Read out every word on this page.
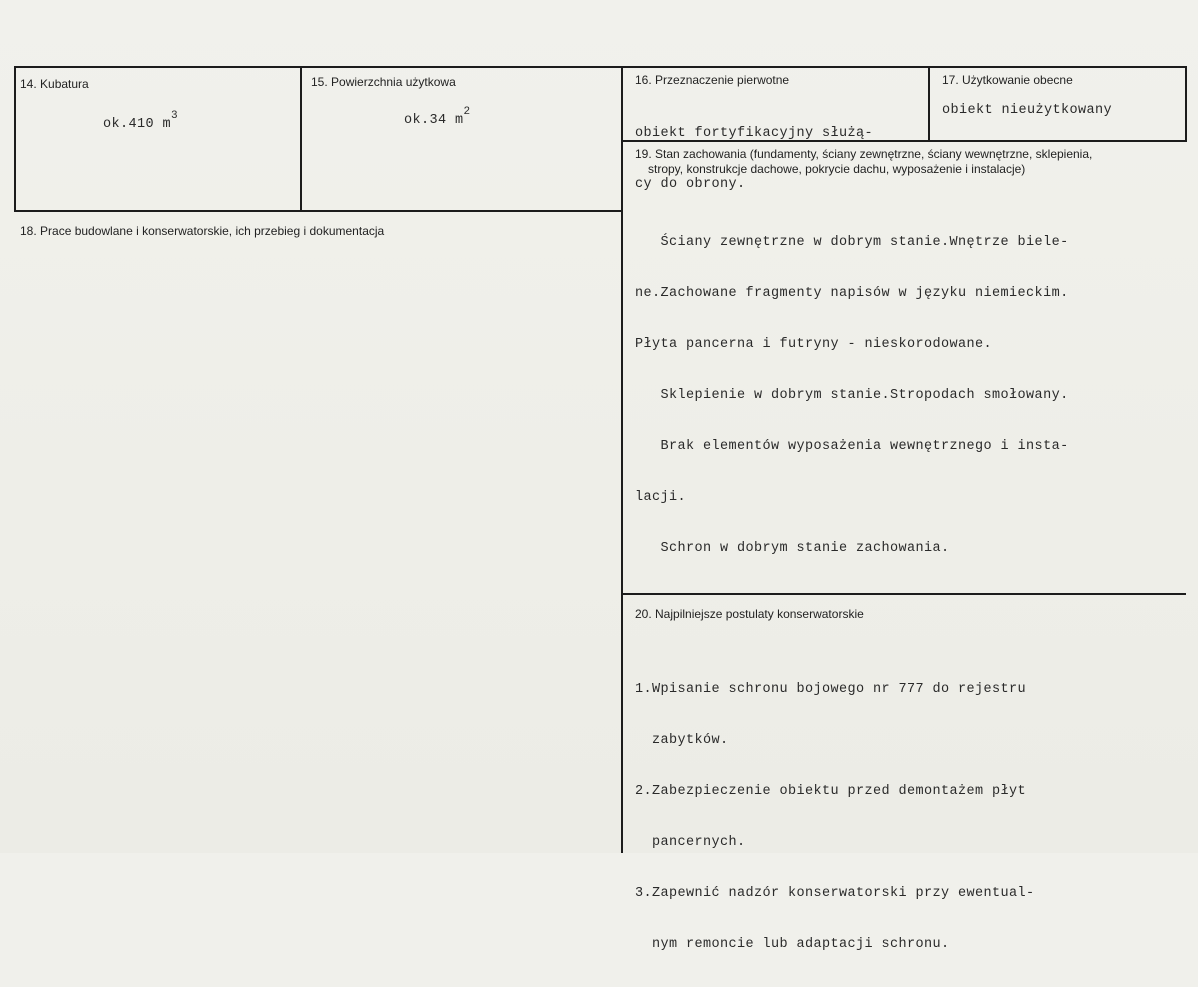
14. Kubatura
ok.410 $m^3$
15. Powierzchnia użytkowa
ok.34 $m^2$
16. Przeznaczenie pierwotne

obiekt fortyfikacyjny służą-

cy do obrony.

17. Użytkowanie obecne
obiekt nieużytkowany
18. Prace budowlane i konserwatorskie, ich przebieg i dokumentacja
19. Stan zachowania (fundamenty, ściany zewnętrzne, ściany wewnętrzne, sklepienia,
stropy, konstrukcje dachowe, pokrycie dachu, wyposażenie i instalacje)

Ściany zewnętrzne w dobrym stanie.Wnętrze biele-

ne.Zachowane fragmenty napisów w języku niemieckim.

Płyta pancerna i futryny - nieskorodowane.

Sklepienie w dobrym stanie.Stropodach smołowany.

Brak elementów wyposażenia wewnętrznego i insta-

lacji.

Schron w dobrym stanie zachowania.

20. Najpilniejsze postulaty konserwatorskie

1.Wpisanie schronu bojowego nr 777 do rejestru

zabytków.

2.Zabezpieczenie obiektu przed demontażem płyt

pancernych.

3.Zapewnić nadzór konserwatorski przy ewentual-

nym remoncie lub adaptacji schronu.
